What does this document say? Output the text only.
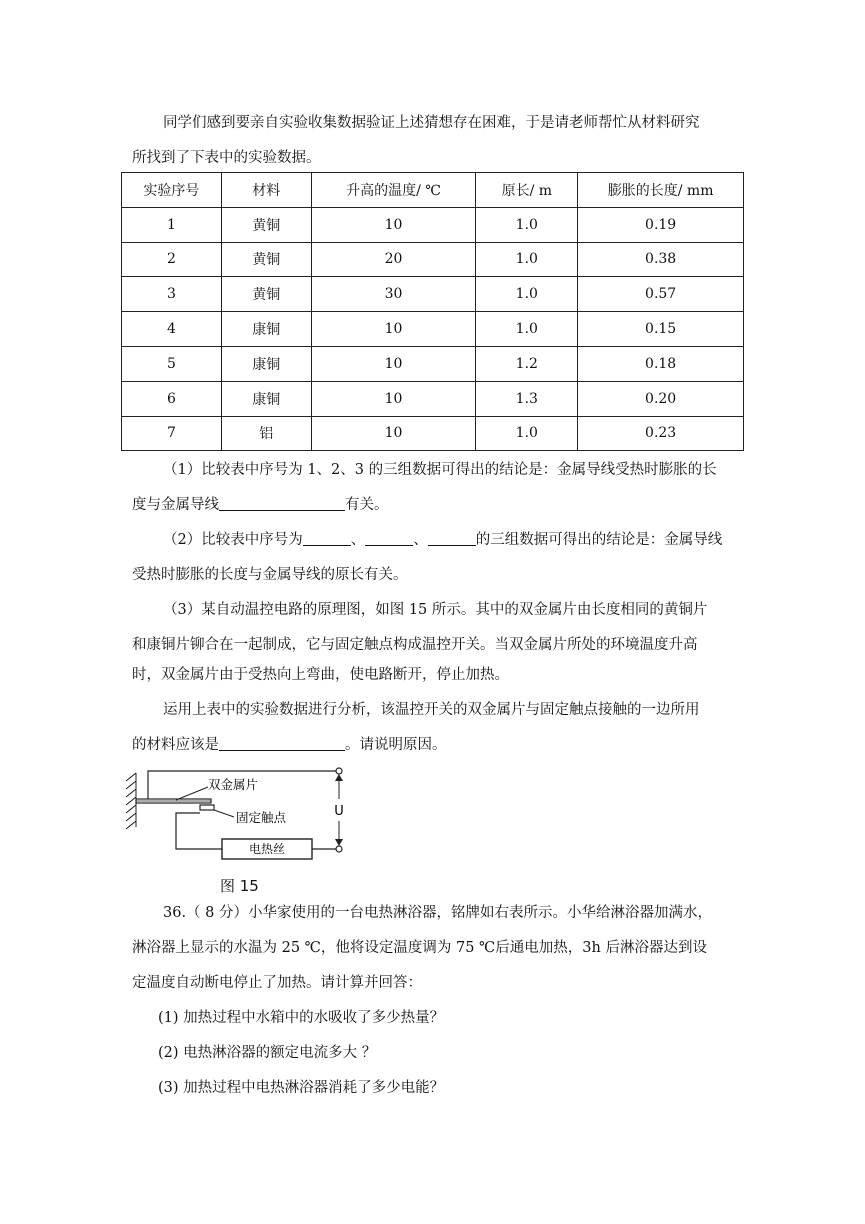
同学们感到要亲自实验收集数据验证上述猜想存在困难，于是请老师帮忙从材料研究
所找到了下表中的实验数据。
实验序号	材料	升高的温度/ ℃	原长/ m	膨胀的长度/ mm
1	黄铜	10	1.0	0.19
2	黄铜	20	1.0	0.38
3	黄铜	30	1.0	0.57
4	康铜	10	1.0	0.15
5	康铜	10	1.2	0.18
6	康铜	10	1.3	0.20
7	铝	10	1.0	0.23
（1）比较表中序号为 1、2、3 的三组数据可得出的结论是：金属导线受热时膨胀的长
度与金属导线	有关。
（2）比较表中序号为	、	、	的三组数据可得出的结论是：金属导线
受热时膨胀的长度与金属导线的原长有关。
（3）某自动温控电路的原理图，如图 15 所示。其中的双金属片由长度相同的黄铜片
和康铜片铆合在一起制成，它与固定触点构成温控开关。当双金属片所处的环境温度升高
时，双金属片由于受热向上弯曲，使电路断开，停止加热。
运用上表中的实验数据进行分析，该温控开关的双金属片与固定触点接触的一边所用
的材料应该是	。请说明原因。
双金属片
固定触点
电热丝
U
图 15
36.（ 8 分）小华家使用的一台电热淋浴器，铭牌如右表所示。小华给淋浴器加满水，
淋浴器上显示的水温为 25 ℃，他将设定温度调为 75 ℃后通电加热，3h 后淋浴器达到设
定温度自动断电停止了加热。请计算并回答：
(1) 加热过程中水箱中的水吸收了多少热量？
(2) 电热淋浴器的额定电流多大 ？
(3) 加热过程中电热淋浴器消耗了多少电能？
